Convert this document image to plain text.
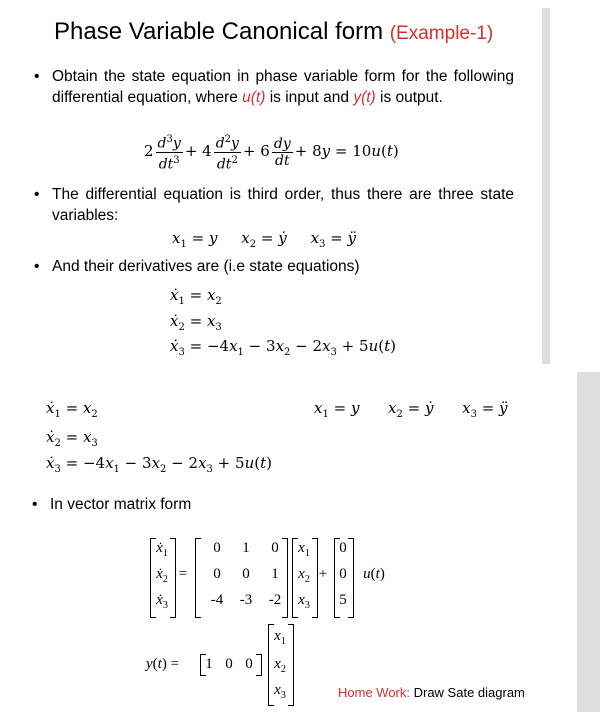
Phase Variable Canonical form (Example-1)
• Obtain the state equation in phase variable form for the following differential equation, where u(t) is input and y(t) is output.
$2 \frac{d^3y}{dt^3} + 4 \frac{d^2y}{dt^2} + 6 \frac{dy}{dt} + 8y = 10u(t)$
• The differential equation is third order, thus there are three state variables:
$x_1 = y$ $x_2$ = ẏ $x_3$ = ÿ
• And their derivatives are (i.e state equations)
ẋ$_1$ = $x_2$
ẋ$_2$ = $x_3$
ẋ$_3$ = $-4x_1 - 3x_2 - 2x_3 + 5u(t)$
ẋ$_1$ = $x_2$
ẋ$_2$ = $x_3$
ẋ$_3$ = $-4x_1 - 3x_2 - 2x_3 + 5u(t)$
$x_1 = y$ $x_2$ = ẏ $x_3$ = ÿ
• In vector matrix form
ẋ$_1$
ẋ$_2$
ẋ$_3$
=
0	1	0
0	0	1
-4	-3	-2
$x_1$
$x_2$
$x_3$
+
0
0
5
u(t)
y(t) =	1 0 0
$x_1$
$x_2$
$x_3$	Home Work: Draw Sate diagram
